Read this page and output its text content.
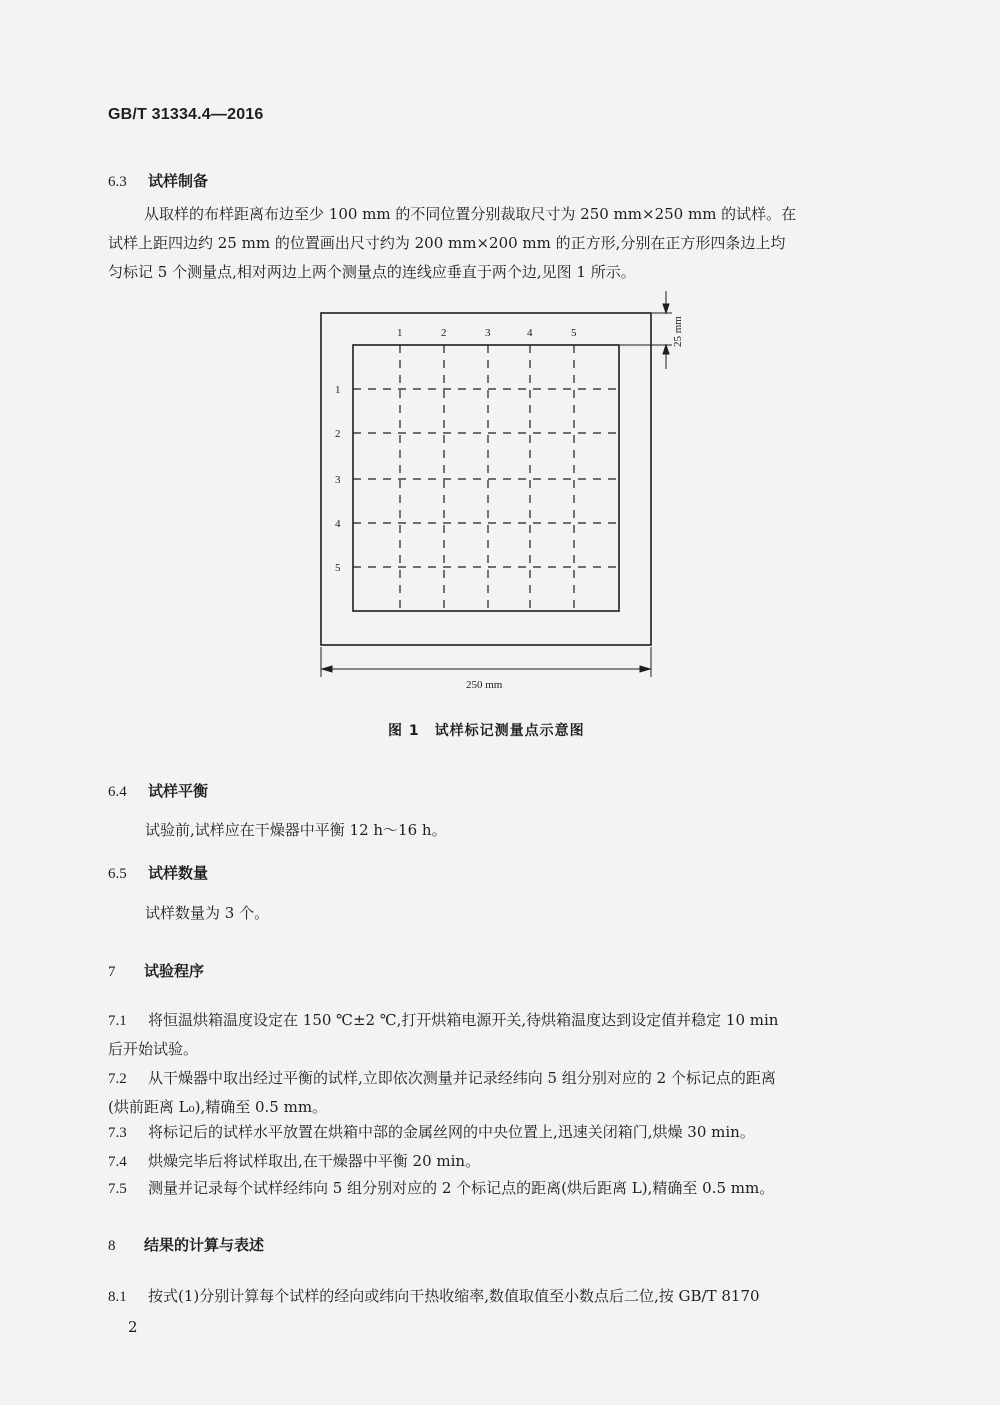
GB/T 31334.4—2016
6.3 试样制备

从取样的布样距离布边至少 100 mm 的不同位置分别裁取尺寸为 250 mm×250 mm 的试样。在

试样上距四边约 25 mm 的位置画出尺寸约为 200 mm×200 mm 的正方形,分别在正方形四条边上均

匀标记 5 个测量点,相对两边上两个测量点的连线应垂直于两个边,见图 1 所示。

1	2	3	4	5
1
2
3
4
5
250 mm
25 mm
图 1　试样标记测量点示意图
6.4 试样平衡
试验前,试样应在干燥器中平衡 12 h～16 h。
6.5 试样数量
试样数量为 3 个。
7 试验程序
7.1 将恒温烘箱温度设定在 150 ℃±2 ℃,打开烘箱电源开关,待烘箱温度达到设定值并稳定 10 min
后开始试验。
7.2 从干燥器中取出经过平衡的试样,立即依次测量并记录经纬向 5 组分别对应的 2 个标记点的距离
(烘前距离 L₀),精确至 0.5 mm。
7.3 将标记后的试样水平放置在烘箱中部的金属丝网的中央位置上,迅速关闭箱门,烘燥 30 min。
7.4 烘燥完毕后将试样取出,在干燥器中平衡 20 min。
7.5 测量并记录每个试样经纬向 5 组分别对应的 2 个标记点的距离(烘后距离 L),精确至 0.5 mm。
8 结果的计算与表述
8.1 按式(1)分别计算每个试样的经向或纬向干热收缩率,数值取值至小数点后二位,按 GB/T 8170
2
